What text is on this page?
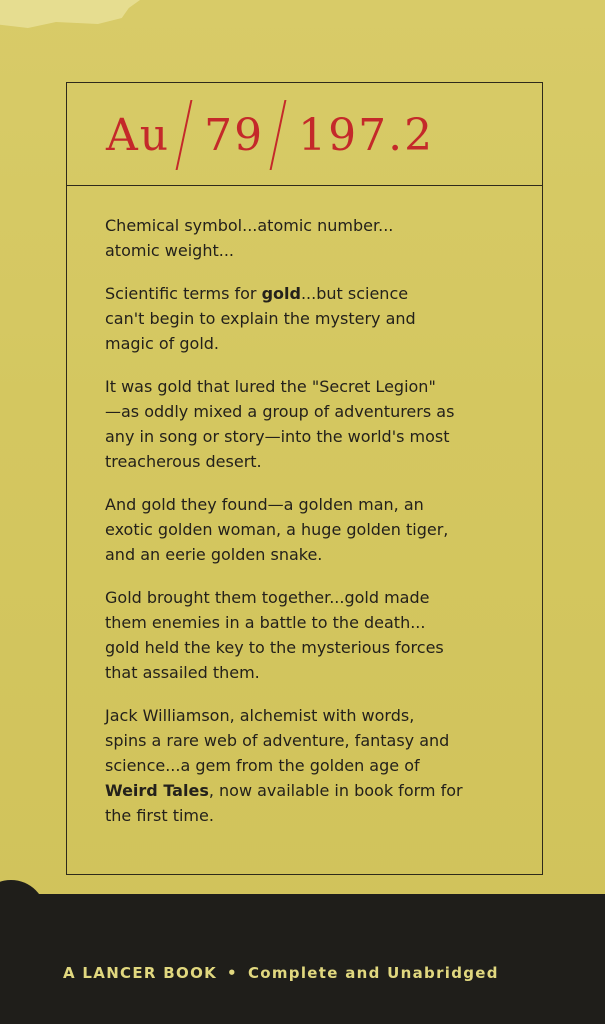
Au 79 197.2

Chemical symbol...atomic number...
atomic weight...

Scientific terms for gold...but science
can't begin to explain the mystery and
magic of gold.

It was gold that lured the "Secret Legion"
—as oddly mixed a group of adventurers as
any in song or story—into the world's most
treacherous desert.

And gold they found—a golden man, an
exotic golden woman, a huge golden tiger,
and an eerie golden snake.

Gold brought them together...gold made
them enemies in a battle to the death...
gold held the key to the mysterious forces
that assailed them.

Jack Williamson, alchemist with words,
spins a rare web of adventure, fantasy and
science...a gem from the golden age of
Weird Tales, now available in book form for
the first time.

A LANCER BOOK • Complete and Unabridged
